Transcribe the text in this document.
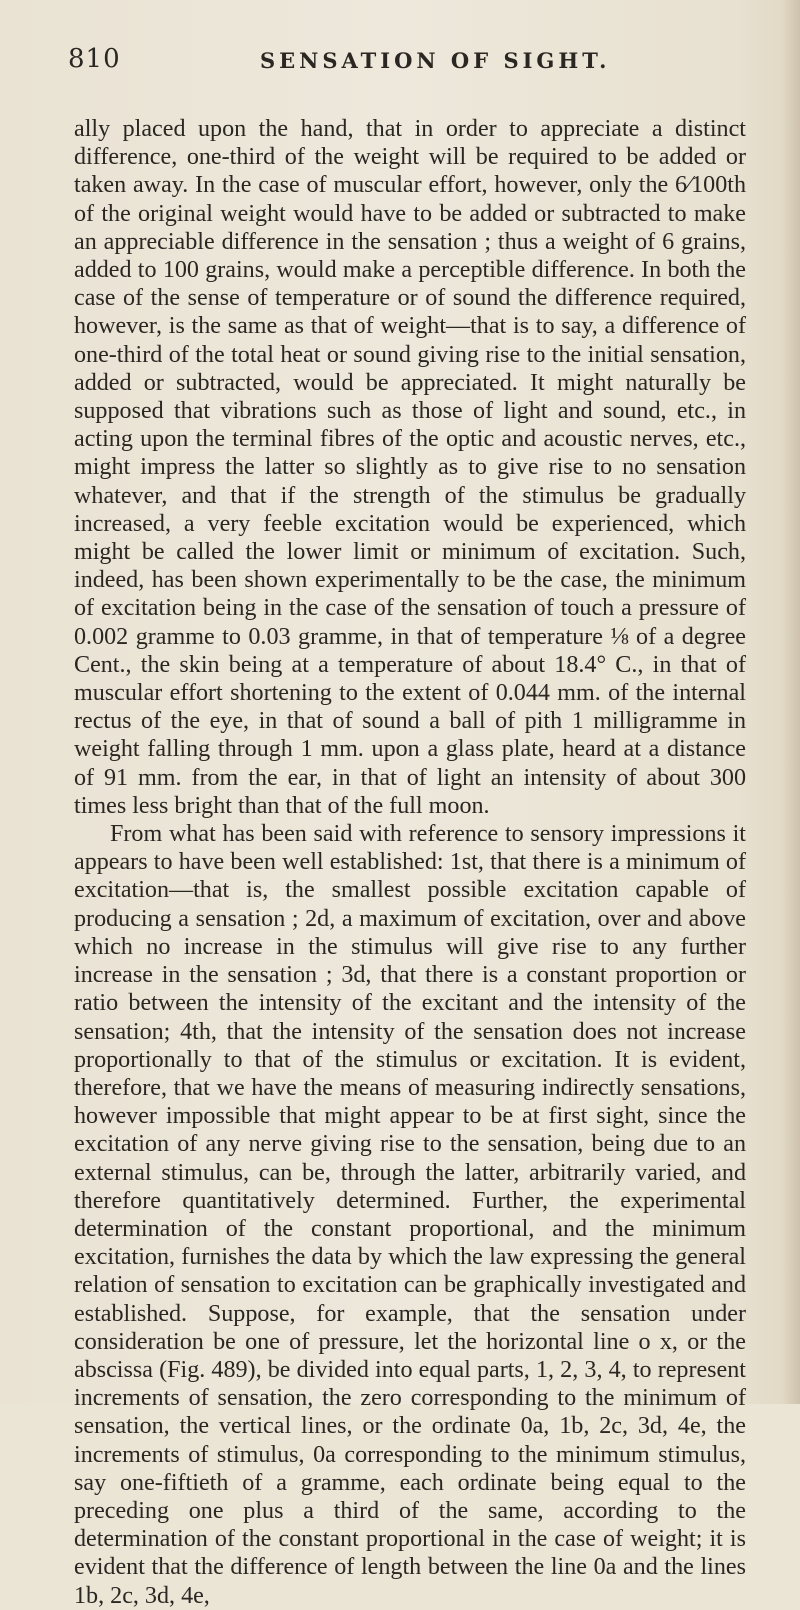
810	SENSATION OF SIGHT.

ally placed upon the hand, that in order to appreciate a distinct difference, one-third of the weight will be required to be added or taken away. In the case of muscular effort, however, only the 6⁄100th of the original weight would have to be added or subtracted to make an appreciable difference in the sensation ; thus a weight of 6 grains, added to 100 grains, would make a perceptible difference. In both the case of the sense of temperature or of sound the difference required, however, is the same as that of weight—that is to say, a difference of one-third of the total heat or sound giving rise to the initial sensation, added or subtracted, would be appreciated. It might naturally be supposed that vibrations such as those of light and sound, etc., in acting upon the terminal fibres of the optic and acoustic nerves, etc., might impress the latter so slightly as to give rise to no sensation whatever, and that if the strength of the stimulus be gradually increased, a very feeble excitation would be experienced, which might be called the lower limit or minimum of excitation. Such, indeed, has been shown experimentally to be the case, the minimum of excitation being in the case of the sensation of touch a pressure of 0.002 gramme to 0.03 gramme, in that of temperature ⅛ of a degree Cent., the skin being at a temperature of about 18.4° C., in that of muscular effort shortening to the extent of 0.044 mm. of the internal rectus of the eye, in that of sound a ball of pith 1 milligramme in weight falling through 1 mm. upon a glass plate, heard at a distance of 91 mm. from the ear, in that of light an intensity of about 300 times less bright than that of the full moon.

From what has been said with reference to sensory impressions it appears to have been well established: 1st, that there is a minimum of excitation—that is, the smallest possible excitation capable of producing a sensation ; 2d, a maximum of excitation, over and above which no increase in the stimulus will give rise to any further increase in the sensation ; 3d, that there is a constant proportion or ratio between the intensity of the excitant and the intensity of the sensation; 4th, that the intensity of the sensation does not increase proportionally to that of the stimulus or excitation. It is evident, therefore, that we have the means of measuring indirectly sensations, however impossible that might appear to be at first sight, since the excitation of any nerve giving rise to the sensation, being due to an external stimulus, can be, through the latter, arbitrarily varied, and therefore quantitatively determined. Further, the experimental determination of the constant proportional, and the minimum excitation, furnishes the data by which the law expressing the general relation of sensation to excitation can be graphically investigated and established. Suppose, for example, that the sensation under consideration be one of pressure, let the horizontal line o x, or the abscissa (Fig. 489), be divided into equal parts, 1, 2, 3, 4, to represent increments of sensation, the zero corresponding to the minimum of sensation, the vertical lines, or the ordinate 0a, 1b, 2c, 3d, 4e, the increments of stimulus, 0a corresponding to the minimum stimulus, say one-fiftieth of a gramme, each ordinate being equal to the preceding one plus a third of the same, according to the determination of the constant proportional in the case of weight; it is evident that the difference of length between the line 0a and the lines 1b, 2c, 3d, 4e,
